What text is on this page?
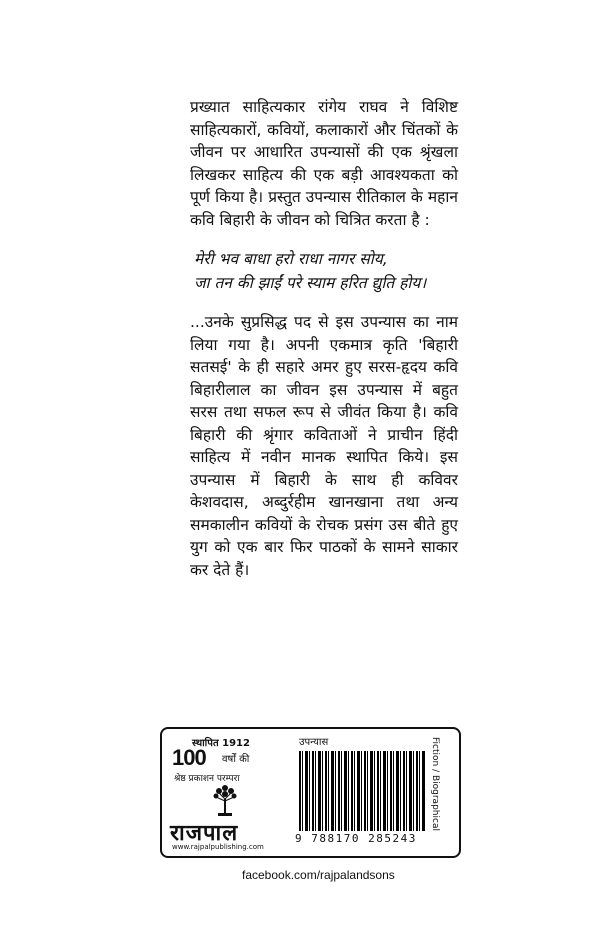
प्रख्यात साहित्यकार रांगेय राघव ने विशिष्ट साहित्यकारों, कवियों, कलाकारों और चिंतकों के जीवन पर आधारित उपन्यासों की एक श्रृंखला लिखकर साहित्य की एक बड़ी आवश्यकता को पूर्ण किया है। प्रस्तुत उपन्यास रीतिकाल के महान कवि बिहारी के जीवन को चित्रित करता है :

मेरी भव बाधा हरो राधा नागर सोय,
जा तन की झाईं परे स्याम हरित द्युति होय।

...उनके सुप्रसिद्ध पद से इस उपन्यास का नाम लिया गया है। अपनी एकमात्र कृति 'बिहारी सतसई' के ही सहारे अमर हुए सरस-हृदय कवि बिहारीलाल का जीवन इस उपन्यास में बहुत सरस तथा सफल रूप से जीवंत किया है। कवि बिहारी की श्रृंगार कविताओं ने प्राचीन हिंदी साहित्य में नवीन मानक स्थापित किये। इस उपन्यास में बिहारी के साथ ही कविवर केशवदास, अब्दुर्रहीम खानखाना तथा अन्य समकालीन कवियों के रोचक प्रसंग उस बीते हुए युग को एक बार फिर पाठकों के सामने साकार कर देते हैं।

स्थापित 1912
100 वर्षों की
श्रेष्ठ प्रकाशन परम्परा
राजपाल
www.rajpalpublishing.com
उपन्यास
9 788170 285243
Fiction / Biographical
facebook.com/rajpalandsons
